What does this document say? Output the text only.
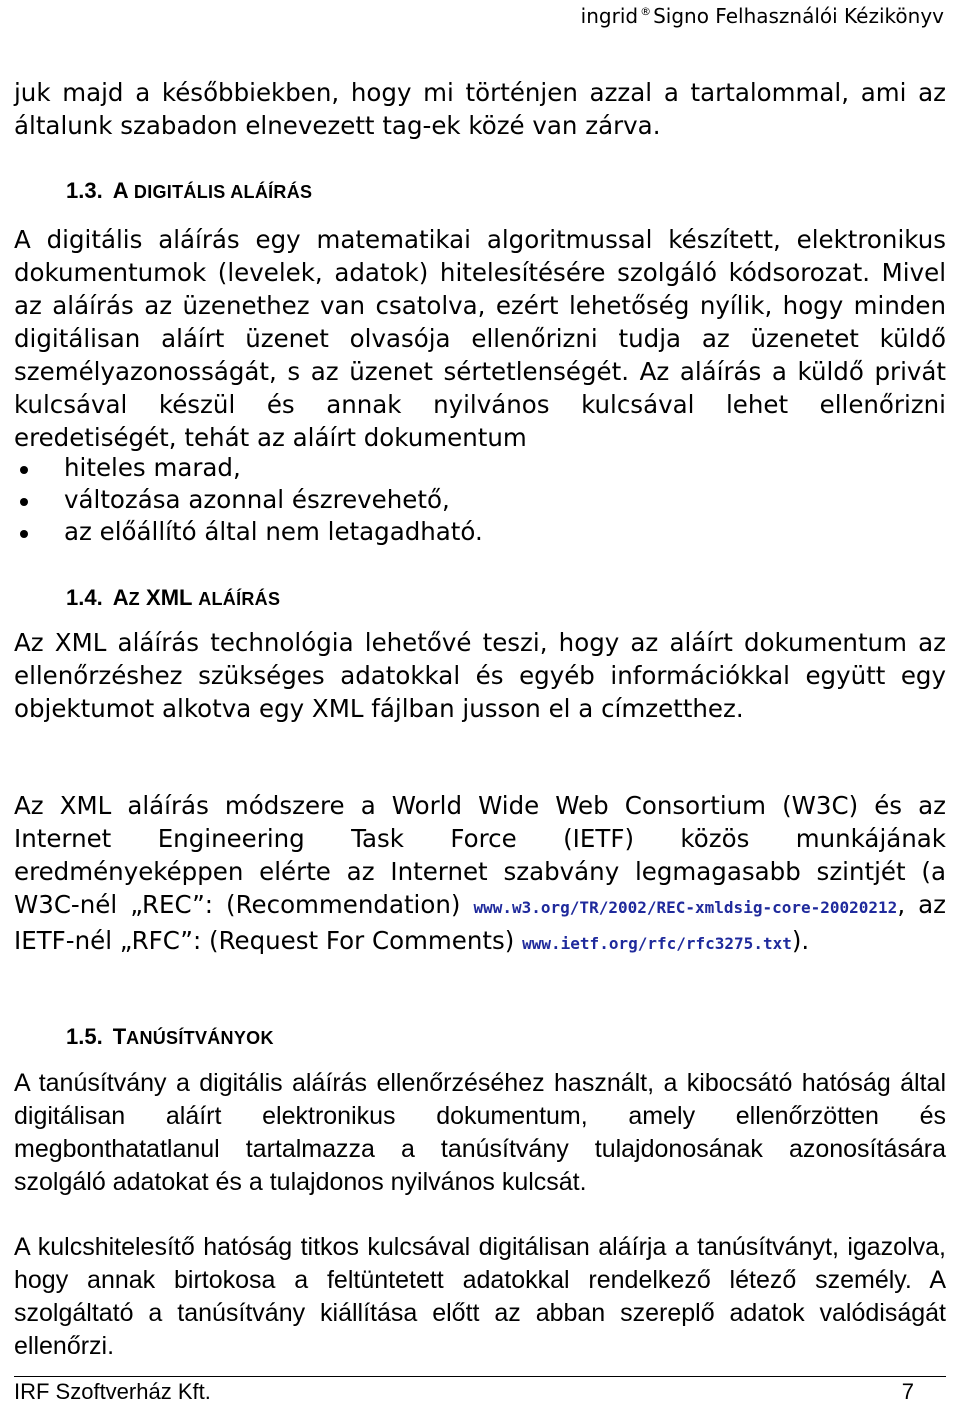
ingrid ® Signo Felhasználói Kézikönyv

juk majd a későbbiekben, hogy mi történjen azzal a tartalommal, ami az általunk szabadon elnevezett tag-ek közé van zárva.

1.3. A DIGITÁLIS ALÁÍRÁS

A digitális aláírás egy matematikai algoritmussal készített, elektronikus dokumentumok (levelek, adatok) hitelesítésére szolgáló kódsorozat. Mivel az aláírás az üzenethez van csatolva, ezért lehetőség nyílik, hogy minden digitálisan aláírt üzenet olvasója ellenőrizni tudja az üzenetet küldő személyazonosságát, s az üzenet sértetlenségét. Az aláírás a küldő privát kulcsával készül és annak nyilvános kulcsával lehet ellenőrizni eredetiségét, tehát az aláírt dokumentum

hiteles marad,
változása azonnal észrevehető,
az előállító által nem letagadható.
1.4. AZ XML ALÁÍRÁS

Az XML aláírás technológia lehetővé teszi, hogy az aláírt dokumentum az ellenőrzéshez szükséges adatokkal és egyéb információkkal együtt egy objektumot alkotva egy XML fájlban jusson el a címzetthez.

Az XML aláírás módszere a World Wide Web Consortium (W3C) és az Internet Engineering Task Force (IETF) közös munkájának eredményeképpen elérte az Internet szabvány legmagasabb szintjét (a W3C-nél „REC”: (Recommendation) www.w3.org/TR/2002/REC-xmldsig-core-20020212, az IETF-nél „RFC”: (Request For Comments) www.ietf.org/rfc/rfc3275.txt).

1.5. TANÚSÍTVÁNYOK

A tanúsítvány a digitális aláírás ellenőrzéséhez használt, a kibocsátó hatóság által digitálisan aláírt elektronikus dokumentum, amely ellenőrzötten és megbonthatatlanul tartalmazza a tanúsítvány tulajdonosának azonosítására szolgáló adatokat és a tulajdonos nyilvános kulcsát.

A kulcshitelesítő hatóság titkos kulcsával digitálisan aláírja a tanúsítványt, igazolva, hogy annak birtokosa a feltüntetett adatokkal rendelkező létező személy. A szolgáltató a tanúsítvány kiállítása előtt az abban szereplő adatok valódiságát ellenőrzi.

IRF Szoftverház Kft.	7
